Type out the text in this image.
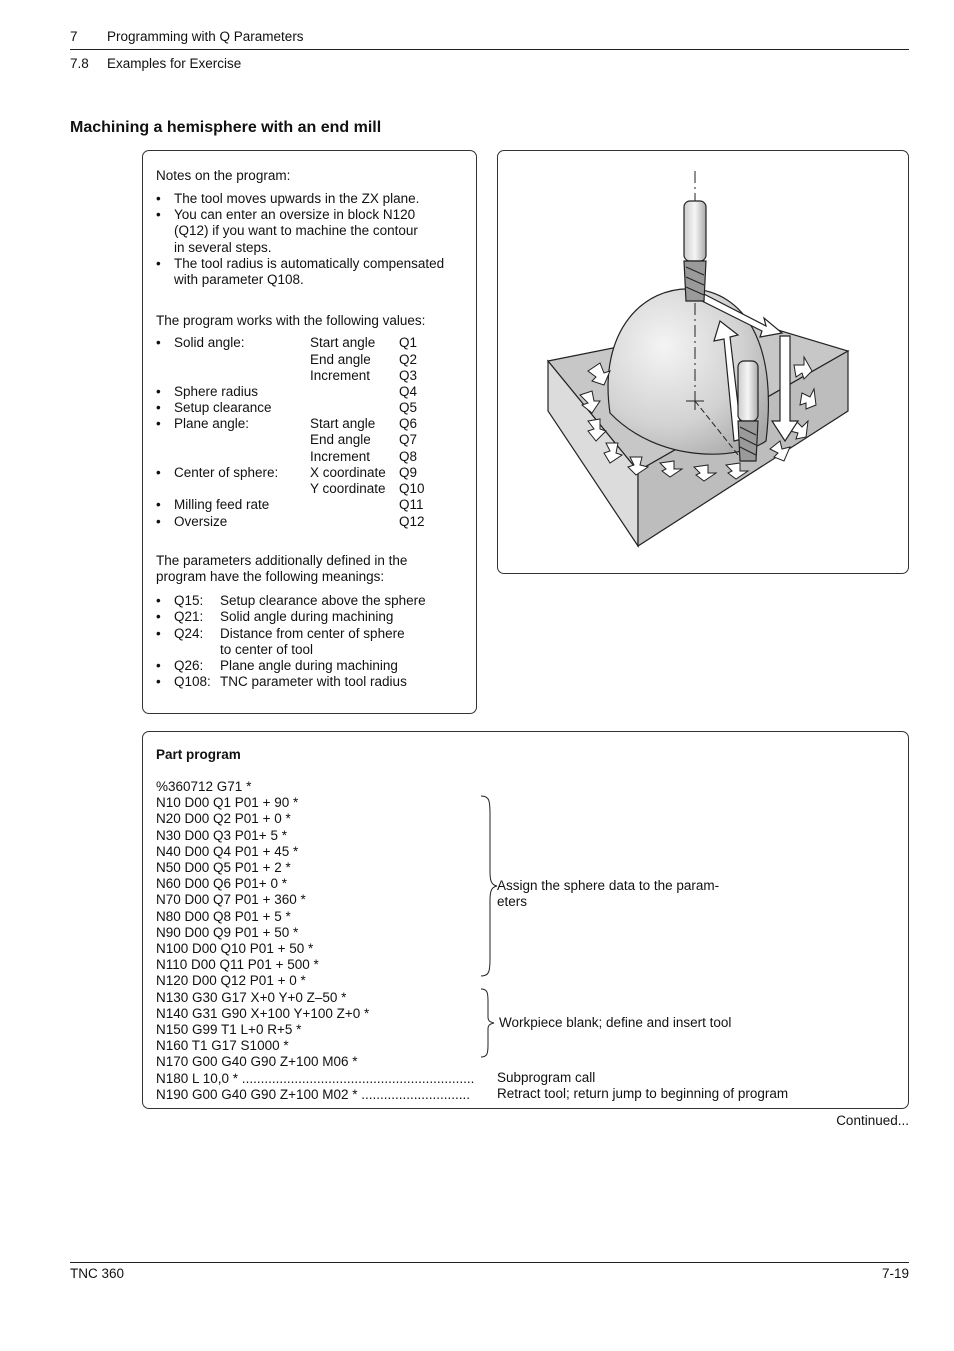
7 Programming with Q Parameters
7.8 Examples for Exercise
Machining a hemisphere with an end mill
Notes on the program:
• The tool moves upwards in the ZX plane.
• You can enter an oversize in block N120
(Q12) if you want to machine the contour
in several steps.
• The tool radius is automatically compensated
with parameter Q108.
The program works with the following values:
• Solid angle:	Start angle Q1
End angle Q2
Increment Q3
• Sphere radius	Q4
• Setup clearance	Q5
• Plane angle:	Start angle Q6
End angle Q7
Increment Q8
• Center of sphere: X coordinate Q9
Y coordinate Q10
• Milling feed rate	Q11
• Oversize	Q12
The parameters additionally defined in the
program have the following meanings:
• Q15: Setup clearance above the sphere
• Q21: Solid angle during machining
• Q24: Distance from center of sphere
to center of tool
• Q26: Plane angle during machining
• Q108: TNC parameter with tool radius
Part program
%360712 G71 *
N10 D00 Q1 P01 + 90 *
N20 D00 Q2 P01 + 0 *
N30 D00 Q3 P01+ 5 *
N40 D00 Q4 P01 + 45 *
N50 D00 Q5 P01 + 2 *
N60 D00 Q6 P01+ 0 *
N70 D00 Q7 P01 + 360 *
N80 D00 Q8 P01 + 5 *
N90 D00 Q9 P01 + 50 *
N100 D00 Q10 P01 + 50 *
N110 D00 Q11 P01 + 500 *
N120 D00 Q12 P01 + 0 *
N130 G30 G17 X+0 Y+0 Z–50 *
N140 G31 G90 X+100 Y+100 Z+0 *
N150 G99 T1 L+0 R+5 *
N160 T1 G17 S1000 *
N170 G00 G40 G90 Z+100 M06 *
N180 L 10,0 * ..............................................................
N190 G00 G40 G90 Z+100 M02 * .............................
Assign the sphere data to the param-
eters
Workpiece blank; define and insert tool
Subprogram call
Retract tool; return jump to beginning of program
Continued...
TNC 360	7-19
